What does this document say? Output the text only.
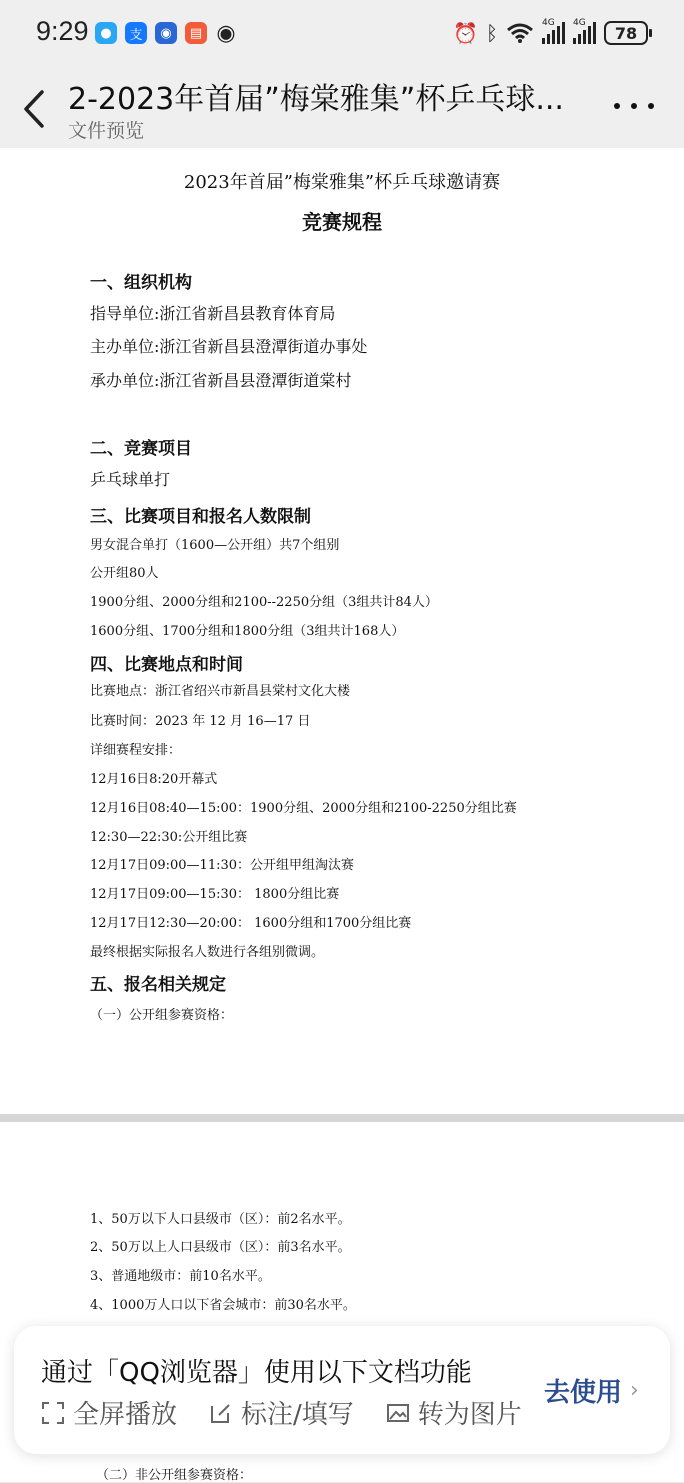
9:29 ●	支	◉	▤ ◉	⏰ ᛒ	4G 4G
78
2-2023年首届”梅棠雅集”杯乒乓球...
文件预览
2023年首届”梅棠雅集”杯乒乓球邀请赛
竞赛规程
一、组织机构
指导单位:浙江省新昌县教育体育局
主办单位:浙江省新昌县澄潭街道办事处
承办单位:浙江省新昌县澄潭街道棠村
二、竞赛项目
乒乓球单打
三、比赛项目和报名人数限制
男女混合单打（1600—公开组）共7个组别
公开组80人
1900分组、2000分组和2100--2250分组（3组共计84人）
1600分组、1700分组和1800分组（3组共计168人）
四、比赛地点和时间
比赛地点：浙江省绍兴市新昌县棠村文化大楼
比赛时间：2023 年 12 月 16—17 日
详细赛程安排：
12月16日8:20开幕式
12月16日08:40—15:00：1900分组、2000分组和2100-2250分组比赛
12:30—22:30:公开组比赛
12月17日09:00—11:30：公开组甲组淘汰赛
12月17日09:00—15:30： 1800分组比赛
12月17日12:30—20:00： 1600分组和1700分组比赛
最终根据实际报名人数进行各组别微调。
五、报名相关规定
（一）公开组参赛资格：
1、50万以下人口县级市（区）：前2名水平。
2、50万以上人口县级市（区）：前3名水平。
3、普通地级市：前10名水平。
4、1000万人口以下省会城市：前30名水平。
（二）非公开组参赛资格：
通过「QQ浏览器」使用以下文档功能
去使用 ›
全屏播放 标注/填写 转为图片
